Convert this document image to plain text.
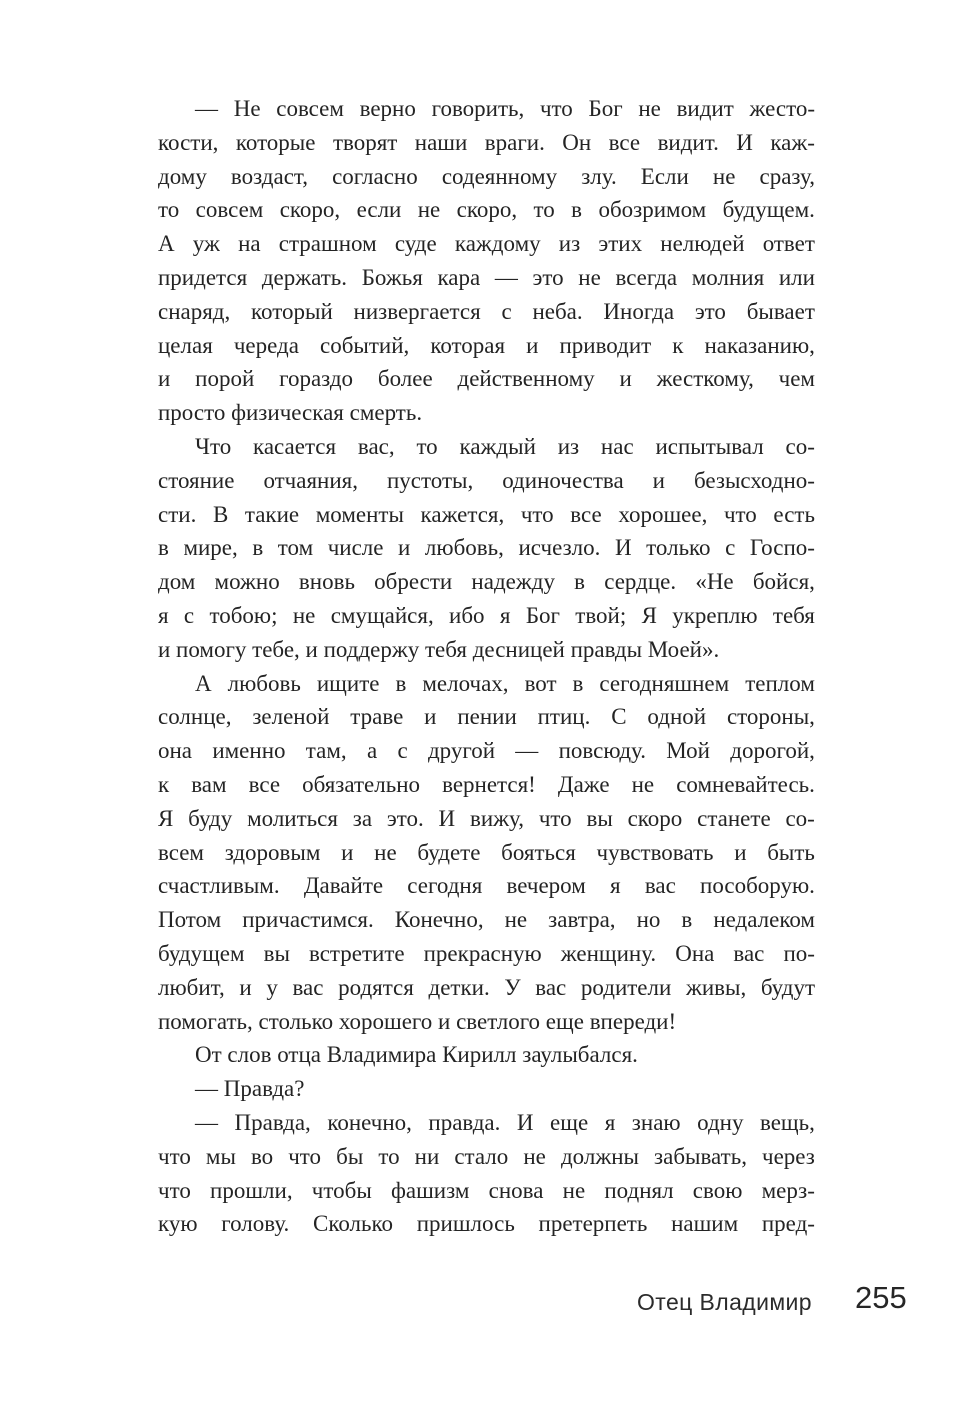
— Не совсем верно говорить, что Бог не видит жесто-
кости, которые творят наши враги. Он все видит. И каж-
дому воздаст, согласно содеянному злу. Если не сразу,
то совсем скоро, если не скоро, то в обозримом будущем.
А уж на страшном суде каждому из этих нелюдей ответ
придется держать. Божья кара — это не всегда молния или
снаряд, который низвергается с неба. Иногда это бывает
целая череда событий, которая и приводит к наказанию,
и порой гораздо более действенному и жесткому, чем
просто физическая смерть.
Что касается вас, то каждый из нас испытывал со-
стояние отчаяния, пустоты, одиночества и безысходно-
сти. В такие моменты кажется, что все хорошее, что есть
в мире, в том числе и любовь, исчезло. И только с Госпо-
дом можно вновь обрести надежду в сердце. «Не бойся,
я с тобою; не смущайся, ибо я Бог твой; Я укреплю тебя
и помогу тебе, и поддержу тебя десницей правды Моей».
А любовь ищите в мелочах, вот в сегодняшнем теплом
солнце, зеленой траве и пении птиц. С одной стороны,
она именно там, а с другой — повсюду. Мой дорогой,
к вам все обязательно вернется! Даже не сомневайтесь.
Я буду молиться за это. И вижу, что вы скоро станете со-
всем здоровым и не будете бояться чувствовать и быть
счастливым. Давайте сегодня вечером я вас пособорую.
Потом причастимся. Конечно, не завтра, но в недалеком
будущем вы встретите прекрасную женщину. Она вас по-
любит, и у вас родятся детки. У вас родители живы, будут
помогать, столько хорошего и светлого еще впереди!
От слов отца Владимира Кирилл заулыбался.
— Правда?
— Правда, конечно, правда. И еще я знаю одну вещь,
что мы во что бы то ни стало не должны забывать, через
что прошли, чтобы фашизм снова не поднял свою мерз-
кую голову. Сколько пришлось претерпеть нашим пред-
Отец Владимир 255
